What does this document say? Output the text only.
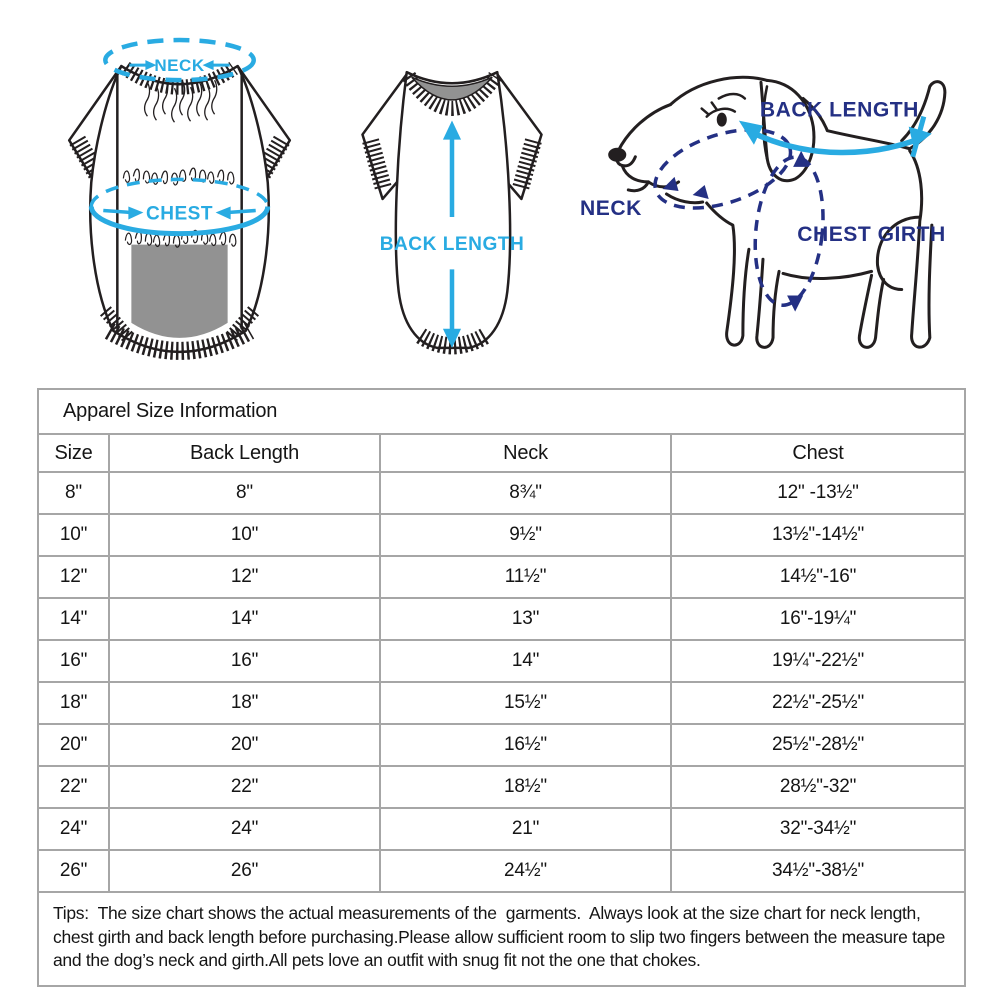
NECK
CHEST
BACK LENGTH
BACK LENGTH
NECK
CHEST GIRTH
Apparel Size Information			
Size	Back Length	Neck	Chest
8"	8"	8¾"	12" -13½"
10"	10"	9½"	13½"-14½"
12"	12"	11½"	14½"-16"
14"	14"	13"	16"-19¼"
16"	16"	14"	19¼"-22½"
18"	18"	15½"	22½"-25½"
20"	20"	16½"	25½"-28½"
22"	22"	18½"	28½"-32"
24"	24"	21"	32"-34½"
26"	26"	24½"	34½"-38½"
Tips:  The size chart shows the actual measurements of the  garments.  Always look at the size chart for neck length, chest girth and back length before purchasing.Please allow sufficient room to slip two fingers between the measure tape and the dog’s neck and girth.All pets love an outfit with snug fit not the one that chokes.			
